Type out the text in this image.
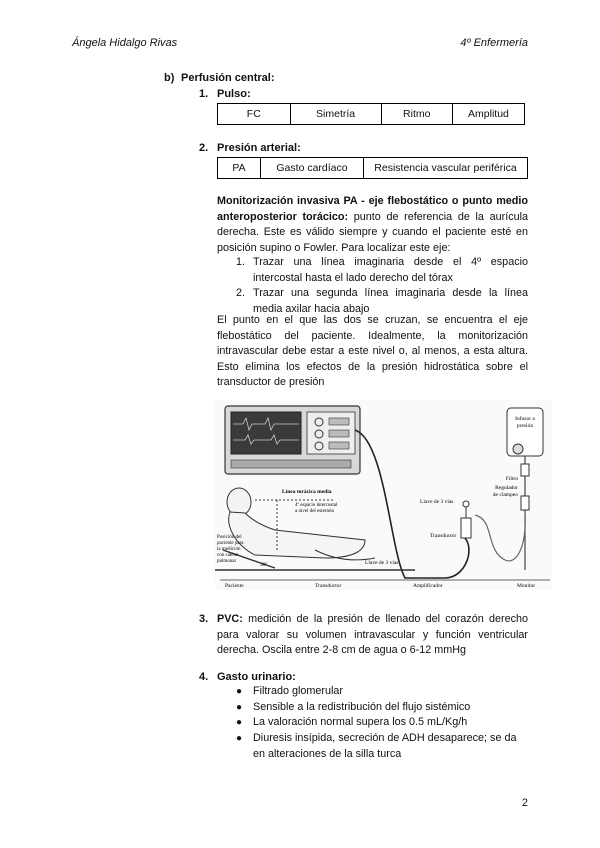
Ángela Hidalgo Rivas	4º Enfermería
b) Perfusión central:
1. Pulso:
FC	Simetría	Ritmo	Amplitud
2. Presión arterial:
PA	Gasto cardíaco	Resistencia vascular periférica
Monitorización invasiva PA - eje flebostático o punto medio anteroposterior torácico: punto de referencia de la aurícula derecha. Este es válido siempre y cuando el paciente esté en posición supino o Fowler. Para localizar este eje:
1. Trazar una línea imaginaria desde el 4º espacio intercostal hasta el lado derecho del tórax
2. Trazar una segunda línea imaginaria desde la línea media axilar hacia abajo
El punto en el que las dos se cruzan, se encuentra el eje flebostático del paciente. Idealmente, la monitorización intravascular debe estar a este nivel o, al menos, a esta altura. Esto elimina los efectos de la presión hidrostática sobre el transductor de presión
Infusor a
presión
Filtro
Regulador
de clampeo
Línea torácica media
4º espacio intercostal
a nivel del esternón
Posición del
paciente para
la medición
con catéter
pulmonar
30º
Llave de 3 vías
Transductor
Llave de 3 vías
Paciente	Transductor	Amplificador	Monitor
3. PVC: medición de la presión de llenado del corazón derecho para valorar su volumen intravascular y función ventricular derecha. Oscila entre 2-8 cm de agua o 6-12 mmHg
4. Gasto urinario:
● Filtrado glomerular
● Sensible a la redistribución del flujo sistémico
● La valoración normal supera los 0.5 mL/Kg/h
● Diuresis insípida, secreción de ADH desaparece; se da en alteraciones de la silla turca
2
